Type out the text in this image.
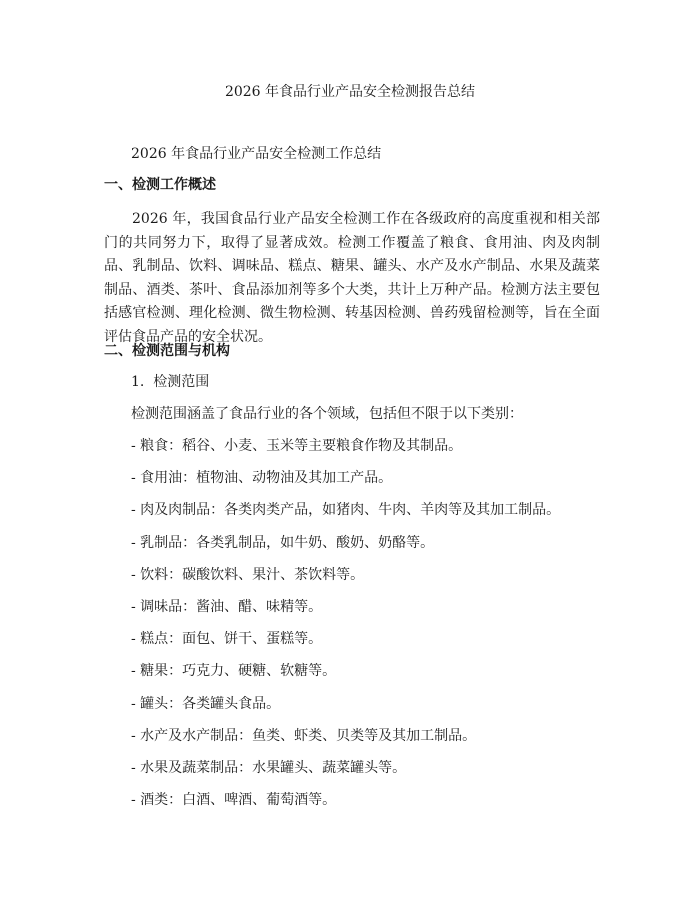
2026 年食品行业产品安全检测报告总结
2026 年食品行业产品安全检测工作总结
一、检测工作概述

2026 年，我国食品行业产品安全检测工作在各级政府的高度重视和相关部门的共同努力下，取得了显著成效。检测工作覆盖了粮食、食用油、肉及肉制品、乳制品、饮料、调味品、糕点、糖果、罐头、水产及水产制品、水果及蔬菜制品、酒类、茶叶、食品添加剂等多个大类，共计上万种产品。检测方法主要包括感官检测、理化检测、微生物检测、转基因检测、兽药残留检测等，旨在全面评估食品产品的安全状况。

二、检测范围与机构
1.  检测范围
检测范围涵盖了食品行业的各个领域，包括但不限于以下类别：
- 粮食：稻谷、小麦、玉米等主要粮食作物及其制品。
- 食用油：植物油、动物油及其加工产品。
- 肉及肉制品：各类肉类产品，如猪肉、牛肉、羊肉等及其加工制品。
- 乳制品：各类乳制品，如牛奶、酸奶、奶酪等。
- 饮料：碳酸饮料、果汁、茶饮料等。
- 调味品：酱油、醋、味精等。
- 糕点：面包、饼干、蛋糕等。
- 糖果：巧克力、硬糖、软糖等。
- 罐头：各类罐头食品。
- 水产及水产制品：鱼类、虾类、贝类等及其加工制品。
- 水果及蔬菜制品：水果罐头、蔬菜罐头等。
- 酒类：白酒、啤酒、葡萄酒等。
